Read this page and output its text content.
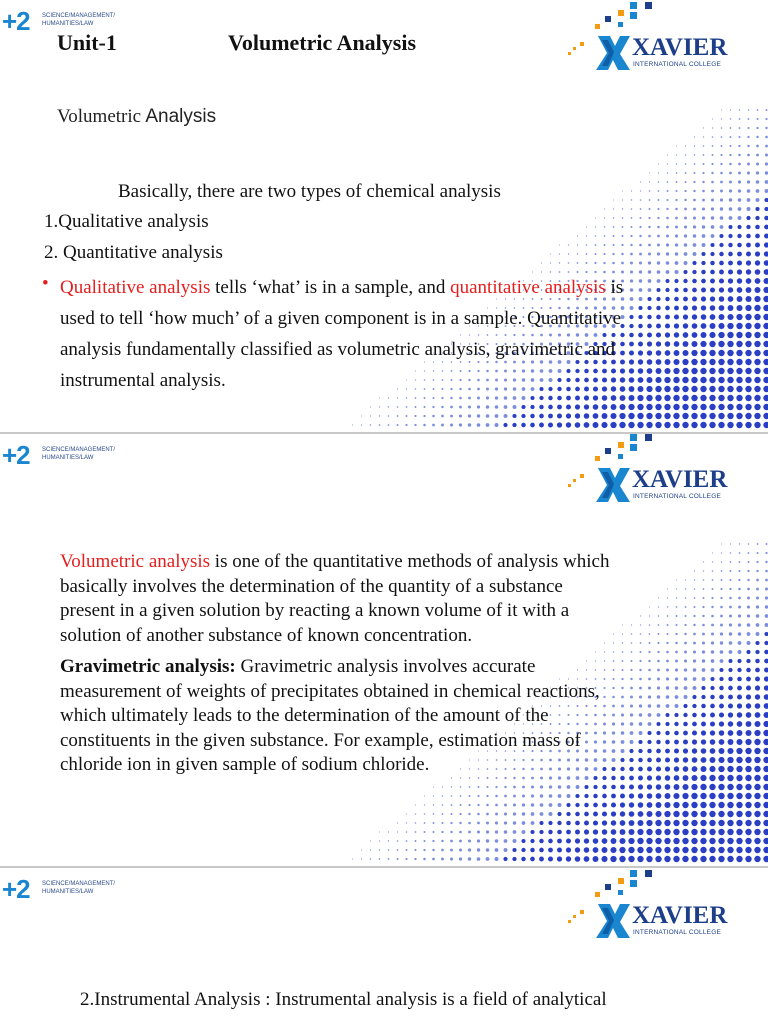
+2 SCIENCE/MANAGEMENT/
HUMANITIES/LAW
XAVIER
INTERNATIONAL COLLEGE
Unit-1	Volumetric Analysis
Volumetric Analysis
Basically, there are two types of chemical analysis
1.Qualitative analysis
2. Quantitative analysis
• Qualitative analysis tells ‘what’ is in a sample, and quantitative analysis is
used to tell ‘how much’ of a given component is in a sample. Quantitative
analysis fundamentally classified as volumetric analysis, gravimetric and
instrumental analysis.
+2 SCIENCE/MANAGEMENT/
HUMANITIES/LAW
XAVIER
INTERNATIONAL COLLEGE
Volumetric analysis is one of the quantitative methods of analysis which
basically involves the determination of the quantity of a substance
present in a given solution by reacting a known volume of it with a
solution of another substance of known concentration.
Gravimetric analysis: Gravimetric analysis involves accurate
measurement of weights of precipitates obtained in chemical reactions,
which ultimately leads to the determination of the amount of the
constituents in the given substance. For example, estimation mass of
chloride ion in given sample of sodium chloride.
+2 SCIENCE/MANAGEMENT/
HUMANITIES/LAW
XAVIER
INTERNATIONAL COLLEGE
2.Instrumental Analysis : Instrumental analysis is a field of analytical
